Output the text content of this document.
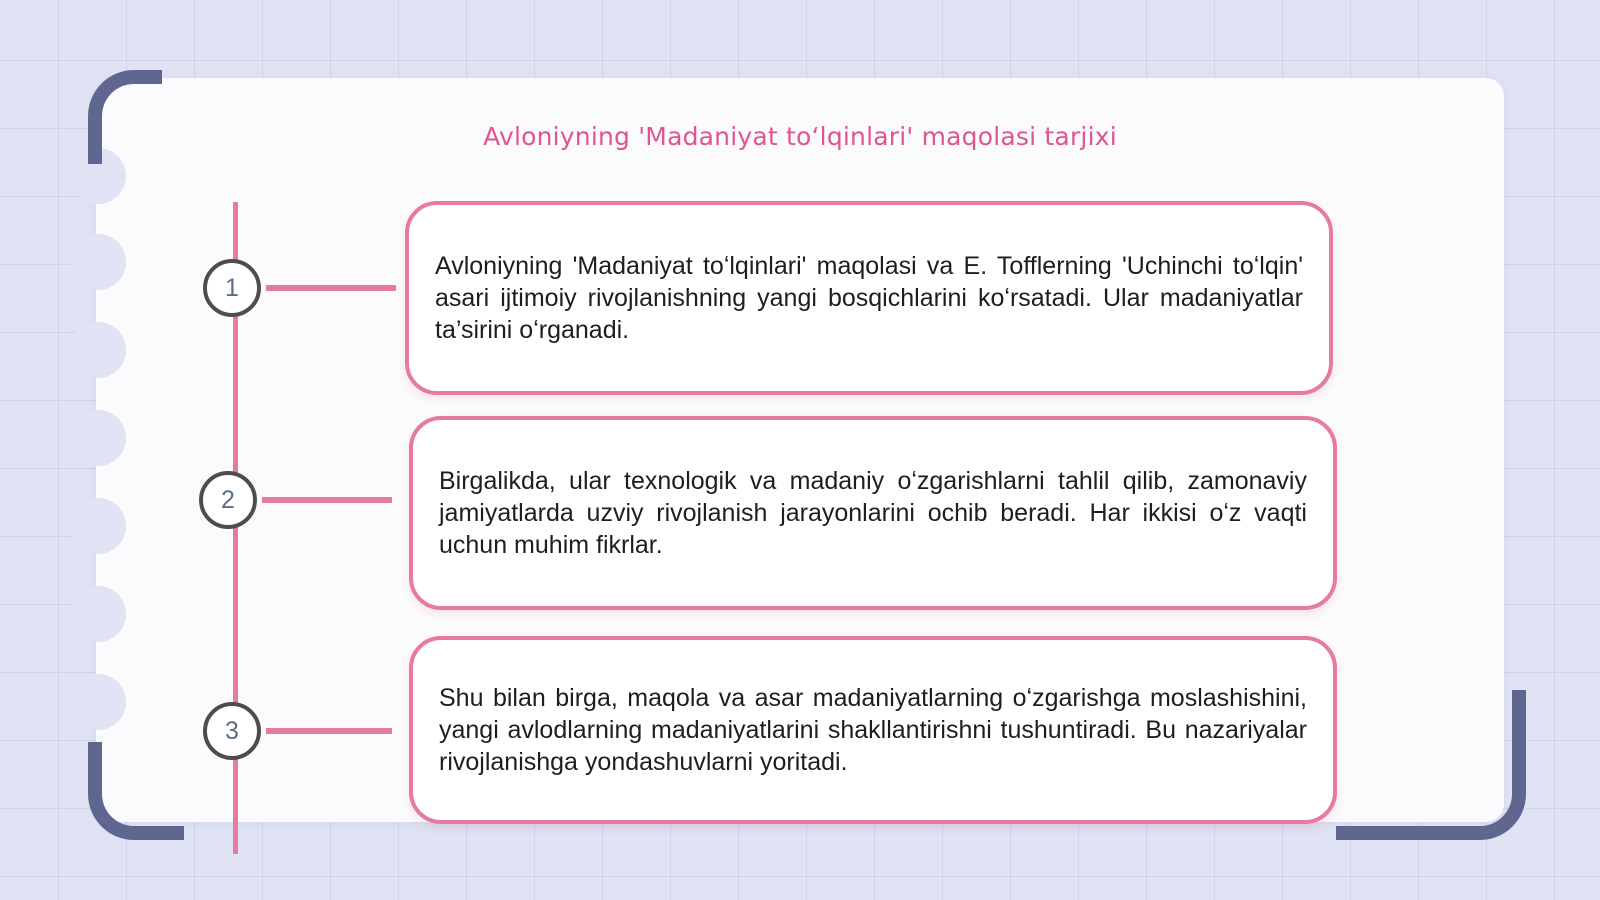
Avloniyning 'Madaniyat toʻlqinlari' maqolasi tarjixi
1
Avloniyning 'Madaniyat toʻlqinlari' maqolasi va E. Tofflerning 'Uchinchi toʻlqin' asari ijtimoiy rivojlanishning yangi bosqichlarini koʻrsatadi. Ular madaniyatlar ta’sirini oʻrganadi.
2
Birgalikda, ular texnologik va madaniy oʻzgarishlarni tahlil qilib, zamonaviy jamiyatlarda uzviy rivojlanish jarayonlarini ochib beradi. Har ikkisi oʻz vaqti uchun muhim fikrlar.
3
Shu bilan birga, maqola va asar madaniyatlarning oʻzgarishga moslashishini, yangi avlodlarning madaniyatlarini shakllantirishni tushuntiradi. Bu nazariyalar rivojlanishga yondashuvlarni yoritadi.
